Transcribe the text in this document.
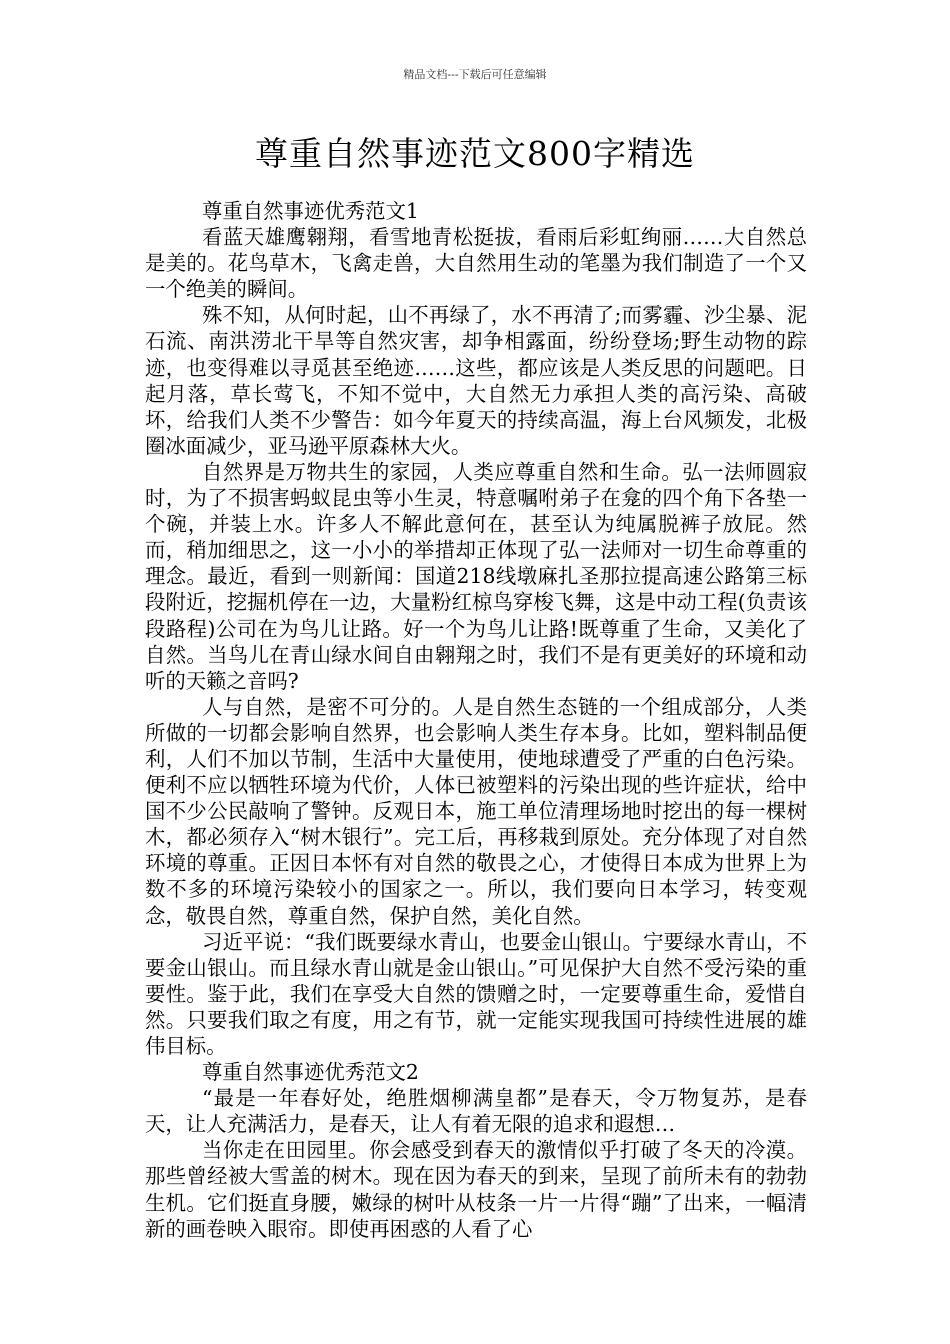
精品文档---下载后可任意编辑
尊重自然事迹范文800字精选

尊重自然事迹优秀范文1

看蓝天雄鹰翱翔，看雪地青松挺拔，看雨后彩虹绚丽……大自然总是美的。花鸟草木，飞禽走兽，大自然用生动的笔墨为我们制造了一个又一个绝美的瞬间。

殊不知，从何时起，山不再绿了，水不再清了;而雾霾、沙尘暴、泥石流、南洪涝北干旱等自然灾害，却争相露面，纷纷登场;野生动物的踪迹，也变得难以寻觅甚至绝迹……这些，都应该是人类反思的问题吧。日起月落，草长莺飞，不知不觉中，大自然无力承担人类的高污染、高破坏，给我们人类不少警告：如今年夏天的持续高温，海上台风频发，北极圈冰面减少，亚马逊平原森林大火。

自然界是万物共生的家园，人类应尊重自然和生命。弘一法师圆寂时，为了不损害蚂蚁昆虫等小生灵，特意嘱咐弟子在龛的四个角下各垫一个碗，并装上水。许多人不解此意何在，甚至认为纯属脱裤子放屁。然而，稍加细思之，这一小小的举措却正体现了弘一法师对一切生命尊重的理念。最近，看到一则新闻：国道218线墩麻扎圣那拉提高速公路第三标段附近，挖掘机停在一边，大量粉红椋鸟穿梭飞舞，这是中动工程(负责该段路程)公司在为鸟儿让路。好一个为鸟儿让路!既尊重了生命，又美化了自然。当鸟儿在青山绿水间自由翱翔之时，我们不是有更美好的环境和动听的天籁之音吗?

人与自然，是密不可分的。人是自然生态链的一个组成部分，人类所做的一切都会影响自然界，也会影响人类生存本身。比如，塑料制品便利，人们不加以节制，生活中大量使用，使地球遭受了严重的白色污染。便利不应以牺牲环境为代价，人体已被塑料的污染出现的些许症状，给中国不少公民敲响了警钟。反观日本，施工单位清理场地时挖出的每一棵树木，都必须存入“树木银行”。完工后，再移栽到原处。充分体现了对自然环境的尊重。正因日本怀有对自然的敬畏之心，才使得日本成为世界上为数不多的环境污染较小的国家之一。所以，我们要向日本学习，转变观念，敬畏自然，尊重自然，保护自然，美化自然。

习近平说：“我们既要绿水青山，也要金山银山。宁要绿水青山，不要金山银山。而且绿水青山就是金山银山。”可见保护大自然不受污染的重要性。鉴于此，我们在享受大自然的馈赠之时，一定要尊重生命，爱惜自然。只要我们取之有度，用之有节，就一定能实现我国可持续性进展的雄伟目标。

尊重自然事迹优秀范文2

“最是一年春好处，绝胜烟柳满皇都”是春天，令万物复苏，是春天，让人充满活力，是春天，让人有着无限的追求和遐想…

当你走在田园里。你会感受到春天的激情似乎打破了冬天的冷漠。那些曾经被大雪盖的树木。现在因为春天的到来，呈现了前所未有的勃勃生机。它们挺直身腰，嫩绿的树叶从枝条一片一片得“蹦”了出来，一幅清新的画卷映入眼帘。即使再困惑的人看了心
